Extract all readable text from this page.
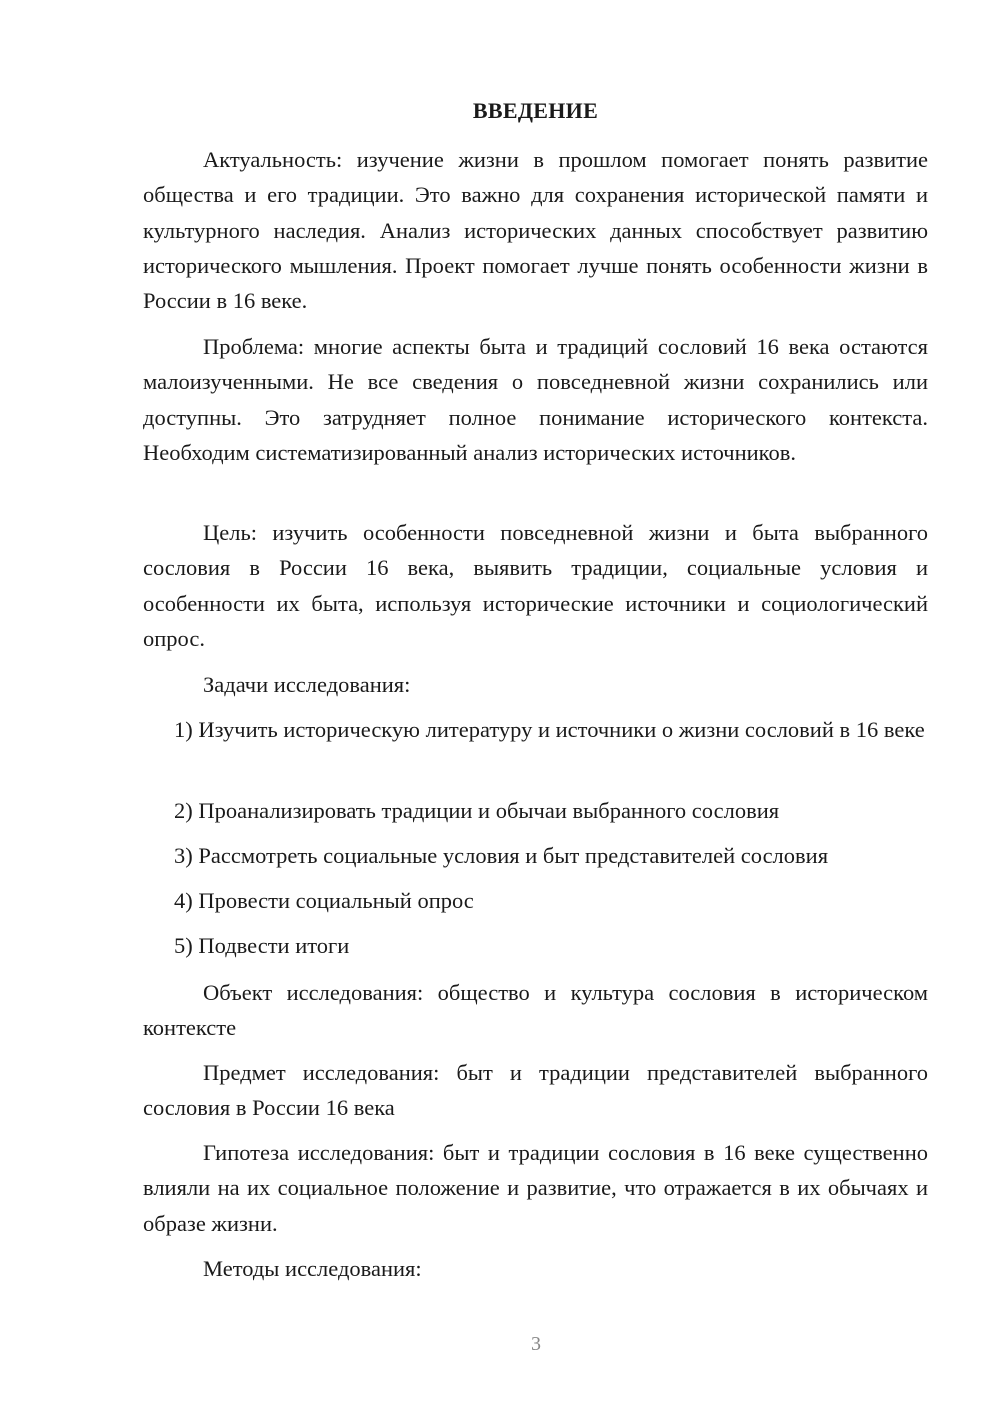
ВВЕДЕНИЕ

Актуальность: изучение жизни в прошлом помогает понять развитие общества и его традиции. Это важно для сохранения исторической памяти и культурного наследия. Анализ исторических данных способствует развитию исторического мышления. Проект помогает лучше понять особенности жизни в России в 16 веке.

Проблема: многие аспекты быта и традиций сословий 16 века остаются малоизученными. Не все сведения о повседневной жизни сохранились или доступны. Это затрудняет полное понимание исторического контекста. Необходим систематизированный анализ исторических источников.

Цель: изучить особенности повседневной жизни и быта выбранного сословия в России 16 века, выявить традиции, социальные условия и особенности их быта, используя исторические источники и социологический опрос.

Задачи исследования:

1) Изучить историческую литературу и источники о жизни сословий в 16 веке

2) Проанализировать традиции и обычаи выбранного сословия

3) Рассмотреть социальные условия и быт представителей сословия

4) Провести социальный опрос

5) Подвести итоги

Объект исследования: общество и культура сословия в историческом контексте

Предмет исследования: быт и традиции представителей выбранного сословия в России 16 века

Гипотеза исследования: быт и традиции сословия в 16 веке существенно влияли на их социальное положение и развитие, что отражается в их обычаях и образе жизни.

Методы исследования:

3
